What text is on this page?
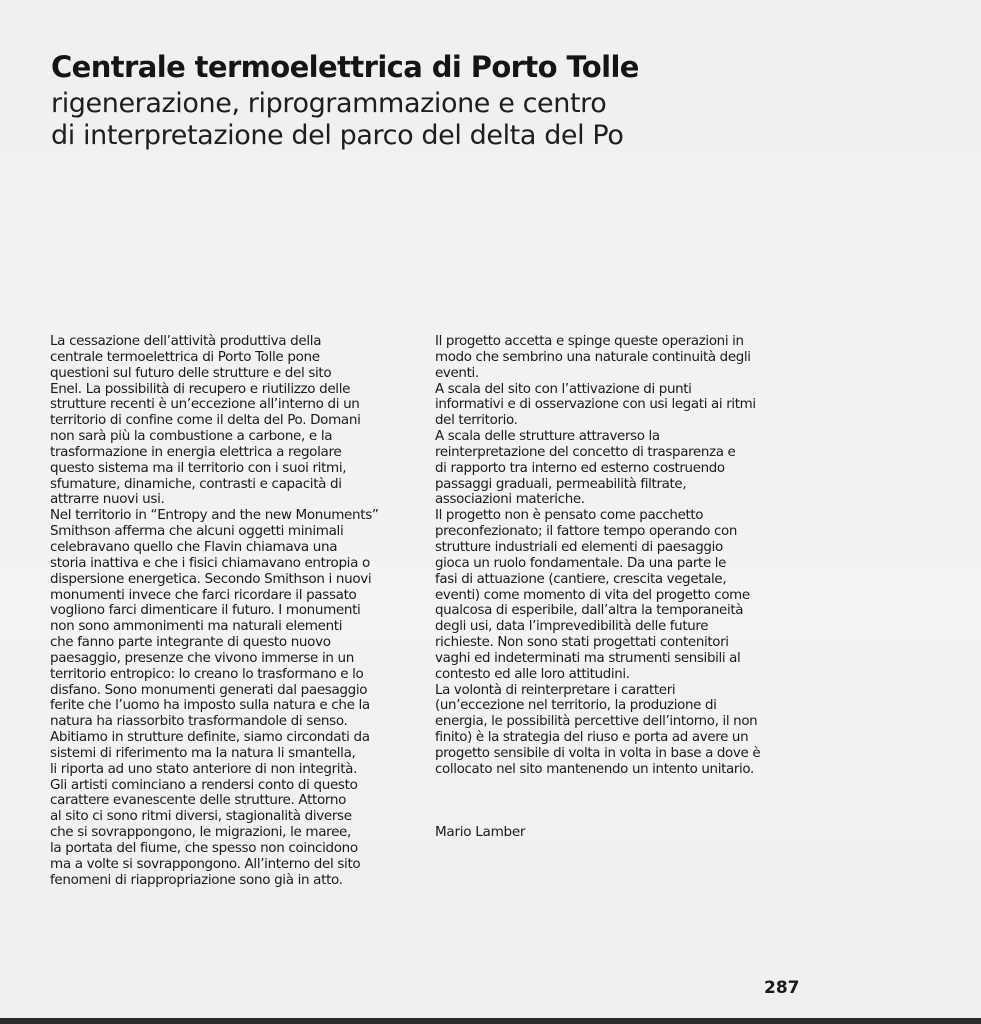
Centrale termoelettrica di Porto Tolle
rigenerazione, riprogrammazione e centro
di interpretazione del parco del delta del Po
La cessazione dell’attività produttiva della
centrale termoelettrica di Porto Tolle pone
questioni sul futuro delle strutture e del sito
Enel. La possibilità di recupero e riutilizzo delle
strutture recenti è un’eccezione all’interno di un
territorio di confine come il delta del Po. Domani
non sarà più la combustione a carbone, e la
trasformazione in energia elettrica a regolare
questo sistema ma il territorio con i suoi ritmi,
sfumature, dinamiche, contrasti e capacità di
attrarre nuovi usi.
Nel territorio in “Entropy and the new Monuments”
Smithson afferma che alcuni oggetti minimali
celebravano quello che Flavin chiamava una
storia inattiva e che i fisici chiamavano entropia o
dispersione energetica. Secondo Smithson i nuovi
monumenti invece che farci ricordare il passato
vogliono farci dimenticare il futuro. I monumenti
non sono ammonimenti ma naturali elementi
che fanno parte integrante di questo nuovo
paesaggio, presenze che vivono immerse in un
territorio entropico: lo creano lo trasformano e lo
disfano. Sono monumenti generati dal paesaggio
ferite che l’uomo ha imposto sulla natura e che la
natura ha riassorbito trasformandole di senso.
Abitiamo in strutture definite, siamo circondati da
sistemi di riferimento ma la natura li smantella,
li riporta ad uno stato anteriore di non integrità.
Gli artisti cominciano a rendersi conto di questo
carattere evanescente delle strutture. Attorno
al sito ci sono ritmi diversi, stagionalità diverse
che si sovrappongono, le migrazioni, le maree,
la portata del fiume, che spesso non coincidono
ma a volte si sovrappongono. All’interno del sito
fenomeni di riappropriazione sono già in atto.
Il progetto accetta e spinge queste operazioni in
modo che sembrino una naturale continuità degli
eventi.
A scala del sito con l’attivazione di punti
informativi e di osservazione con usi legati ai ritmi
del territorio.
A scala delle strutture attraverso la
reinterpretazione del concetto di trasparenza e
di rapporto tra interno ed esterno costruendo
passaggi graduali, permeabilità filtrate,
associazioni materiche.
Il progetto non è pensato come pacchetto
preconfezionato; il fattore tempo operando con
strutture industriali ed elementi di paesaggio
gioca un ruolo fondamentale. Da una parte le
fasi di attuazione (cantiere, crescita vegetale,
eventi) come momento di vita del progetto come
qualcosa di esperibile, dall’altra la temporaneità
degli usi, data l’imprevedibilità delle future
richieste. Non sono stati progettati contenitori
vaghi ed indeterminati ma strumenti sensibili al
contesto ed alle loro attitudini.
La volontà di reinterpretare i caratteri
(un’eccezione nel territorio, la produzione di
energia, le possibilità percettive dell’intorno, il non
finito) è la strategia del riuso e porta ad avere un
progetto sensibile di volta in volta in base a dove è
collocato nel sito mantenendo un intento unitario.
Mario Lamber
287
